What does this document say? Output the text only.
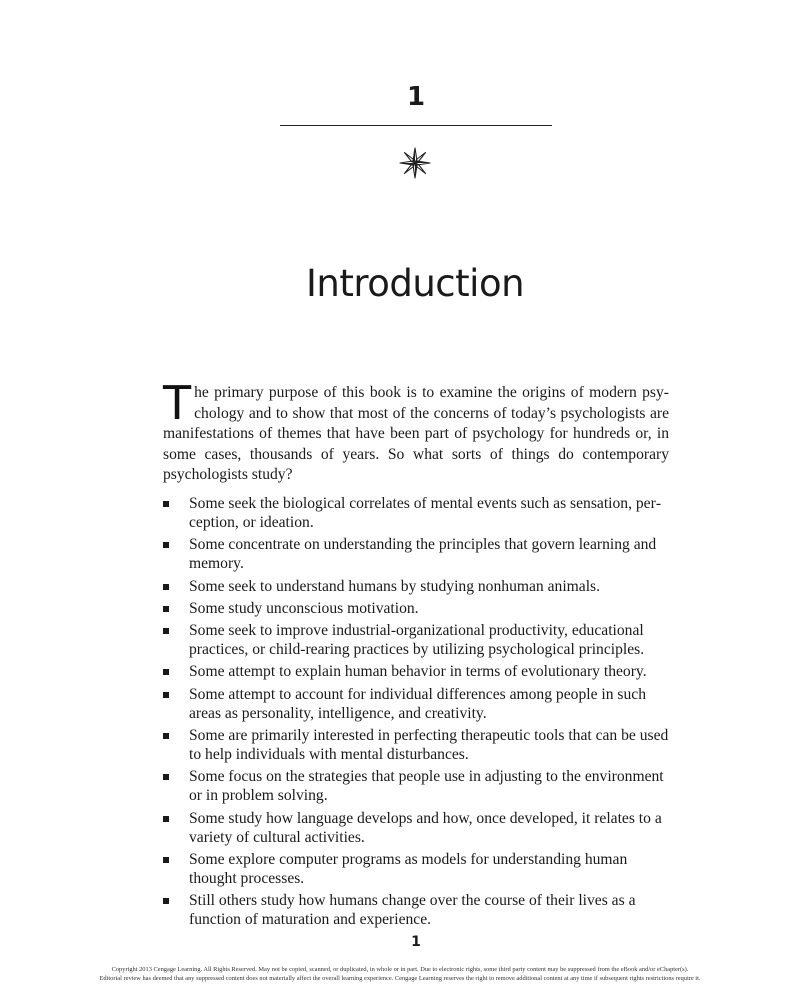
1
Introduction

The primary purpose of this book is to examine the origins of modern psychology and to show that most of the concerns of today’s psychologists are manifestations of themes that have been part of psychology for hundreds or, in some cases, thousands of years. So what sorts of things do contemporary psychologists study?

Some seek the biological correlates of mental events such as sensation, perception, or ideation.
Some concentrate on understanding the principles that govern learning and memory.
Some seek to understand humans by studying nonhuman animals.
Some study unconscious motivation.
Some seek to improve industrial-organizational productivity, educational practices, or child-rearing practices by utilizing psychological principles.
Some attempt to explain human behavior in terms of evolutionary theory.
Some attempt to account for individual differences among people in such areas as personality, intelligence, and creativity.
Some are primarily interested in perfecting therapeutic tools that can be used to help individuals with mental disturbances.
Some focus on the strategies that people use in adjusting to the environment or in problem solving.
Some study how language develops and how, once developed, it relates to a variety of cultural activities.
Some explore computer programs as models for understanding human thought processes.
Still others study how humans change over the course of their lives as a function of maturation and experience.
1
Copyright 2013 Cengage Learning. All Rights Reserved. May not be copied, scanned, or duplicated, in whole or in part. Due to electronic rights, some third party content may be suppressed from the eBook and/or eChapter(s).
Editorial review has deemed that any suppressed content does not materially affect the overall learning experience. Cengage Learning reserves the right to remove additional content at any time if subsequent rights restrictions require it.
